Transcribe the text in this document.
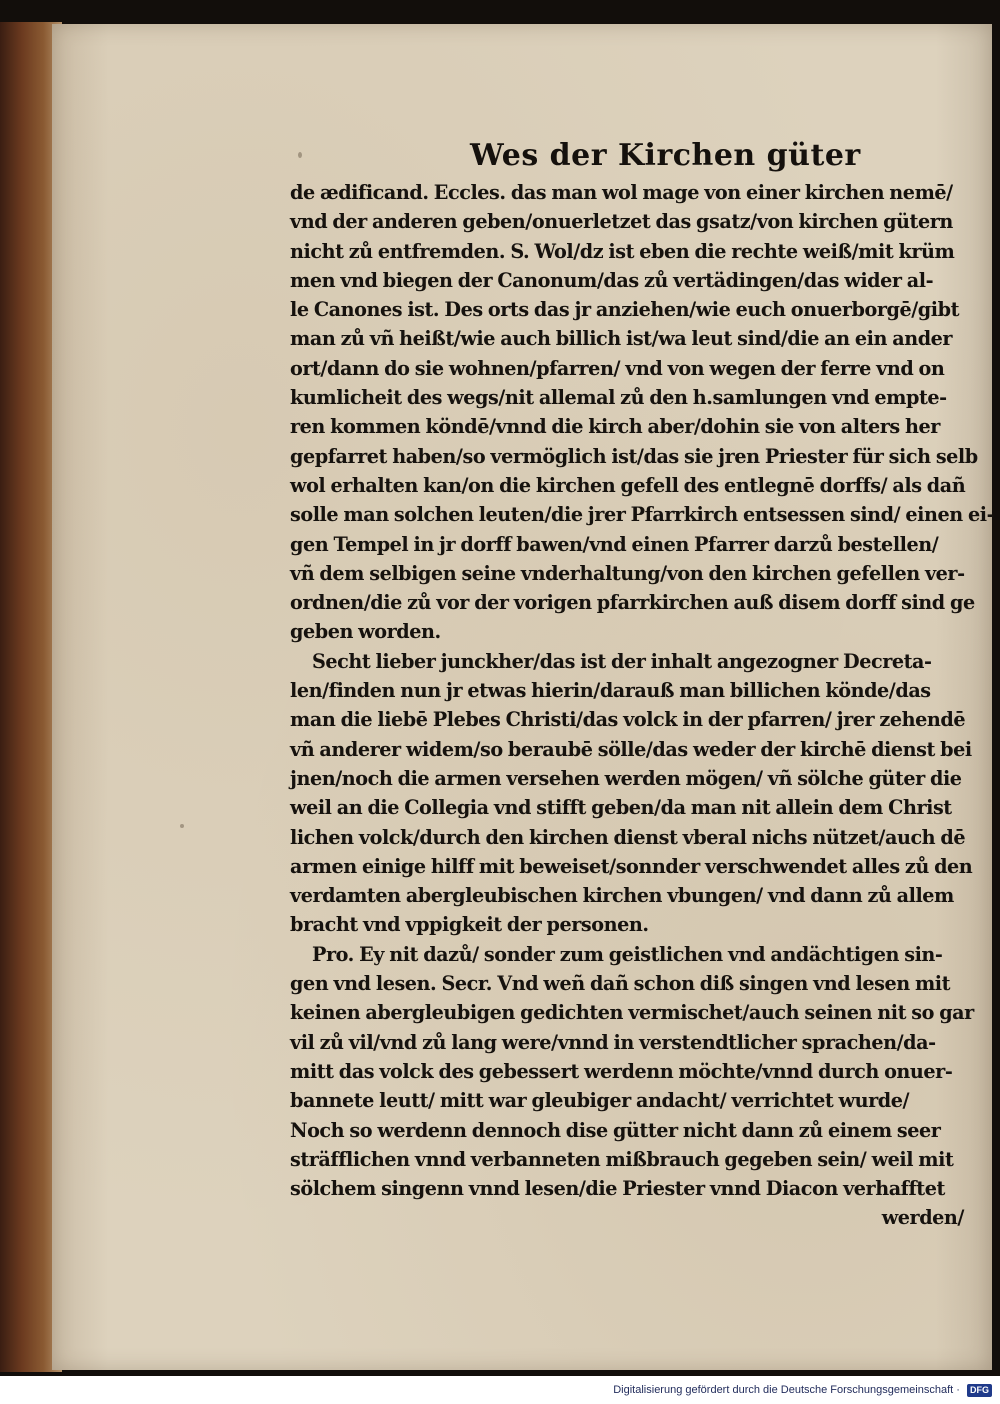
Wes der Kirchen güter
de ædificand. Eccles. das man wol mage von einer kirchen nemē/
vnd der anderen geben/onuerletzet das gsatz/von kirchen gütern
nicht zů entfremden. S. Wol/dz ist eben die rechte weiß/mit krüm
men vnd biegen der Canonum/das zů vertädingen/das wider al-
le Canones ist. Des orts das jr anziehen/wie euch onuerborgē/gibt
man zů vñ heißt/wie auch billich ist/wa leut sind/die an ein ander
ort/dann do sie wohnen/pfarren/ vnd von wegen der ferre vnd on
kumlicheit des wegs/nit allemal zů den h.samlungen vnd empte-
ren kommen köndē/vnnd die kirch aber/dohin sie von alters her
gepfarret haben/so vermöglich ist/das sie jren Priester für sich selb
wol erhalten kan/on die kirchen gefell des entlegnē dorffs/ als dañ
solle man solchen leuten/die jrer Pfarrkirch entsessen sind/ einen ei-
gen Tempel in jr dorff bawen/vnd einen Pfarrer darzů bestellen/
vñ dem selbigen seine vnderhaltung/von den kirchen gefellen ver-
ordnen/die zů vor der vorigen pfarrkirchen auß disem dorff sind ge
geben worden.
Secht lieber junckher/das ist der inhalt angezogner Decreta-
len/finden nun jr etwas hierin/darauß man billichen könde/das
man die liebē Plebes Christi/das volck in der pfarren/ jrer zehendē
vñ anderer widem/so beraubē sölle/das weder der kirchē dienst bei
jnen/noch die armen versehen werden mögen/ vñ sölche güter die
weil an die Collegia vnd stifft geben/da man nit allein dem Christ
lichen volck/durch den kirchen dienst vberal nichs nützet/auch dē
armen einige hilff mit beweiset/sonnder verschwendet alles zů den
verdamten abergleubischen kirchen vbungen/ vnd dann zů allem
bracht vnd vppigkeit der personen.
Pro. Ey nit dazů/ sonder zum geistlichen vnd andächtigen sin-
gen vnd lesen. Secr. Vnd weñ dañ schon diß singen vnd lesen mit
keinen abergleubigen gedichten vermischet/auch seinen nit so gar
vil zů vil/vnd zů lang were/vnnd in verstendtlicher sprachen/da-
mitt das volck des gebessert werdenn möchte/vnnd durch onuer-
bannete leutt/ mitt war gleubiger andacht/ verrichtet wurde/
Noch so werdenn dennoch dise gütter nicht dann zů einem seer
sträfflichen vnnd verbanneten mißbrauch gegeben sein/ weil mit
sölchem singenn vnnd lesen/die Priester vnnd Diacon verhafftet
werden/
Digitalisierung gefördert durch die Deutsche Forschungsgemeinschaft · DFG
